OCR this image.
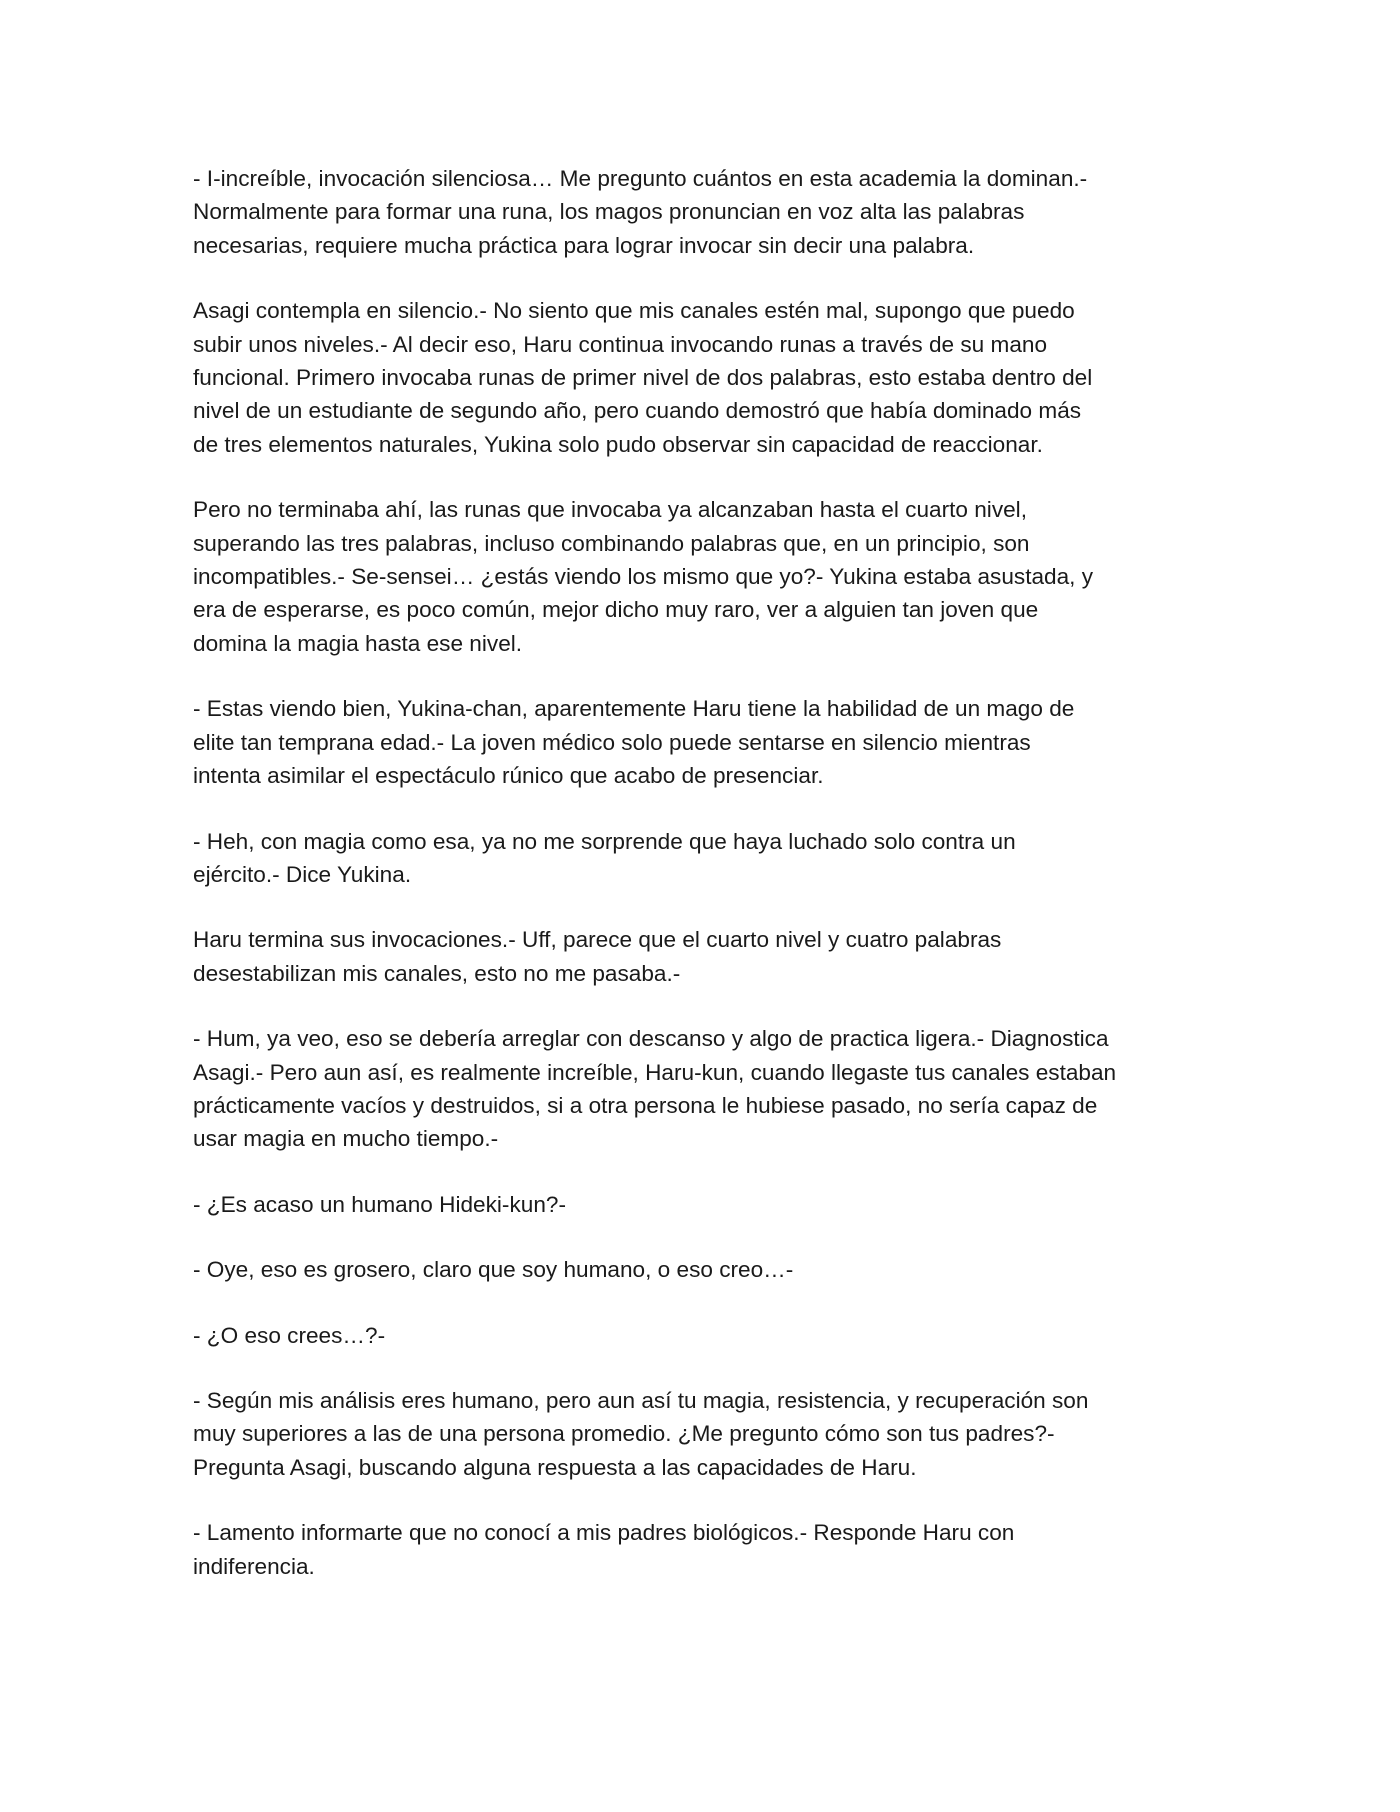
- I-increíble, invocación silenciosa… Me pregunto cuántos en esta academia la dominan.-
Normalmente para formar una runa, los magos pronuncian en voz alta las palabras
necesarias, requiere mucha práctica para lograr invocar sin decir una palabra.

Asagi contempla en silencio.- No siento que mis canales estén mal, supongo que puedo
subir unos niveles.- Al decir eso, Haru continua invocando runas a través de su mano
funcional. Primero invocaba runas de primer nivel de dos palabras, esto estaba dentro del
nivel de un estudiante de segundo año, pero cuando demostró que había dominado más
de tres elementos naturales, Yukina solo pudo observar sin capacidad de reaccionar.

Pero no terminaba ahí, las runas que invocaba ya alcanzaban hasta el cuarto nivel,
superando las tres palabras, incluso combinando palabras que, en un principio, son
incompatibles.- Se-sensei… ¿estás viendo los mismo que yo?- Yukina estaba asustada, y
era de esperarse, es poco común, mejor dicho muy raro, ver a alguien tan joven que
domina la magia hasta ese nivel.

- Estas viendo bien, Yukina-chan, aparentemente Haru tiene la habilidad de un mago de
elite tan temprana edad.- La joven médico solo puede sentarse en silencio mientras
intenta asimilar el espectáculo rúnico que acabo de presenciar.

- Heh, con magia como esa, ya no me sorprende que haya luchado solo contra un
ejército.- Dice Yukina.

Haru termina sus invocaciones.- Uff, parece que el cuarto nivel y cuatro palabras
desestabilizan mis canales, esto no me pasaba.-

- Hum, ya veo, eso se debería arreglar con descanso y algo de practica ligera.- Diagnostica
Asagi.- Pero aun así, es realmente increíble, Haru-kun, cuando llegaste tus canales estaban
prácticamente vacíos y destruidos, si a otra persona le hubiese pasado, no sería capaz de
usar magia en mucho tiempo.-

- ¿Es acaso un humano Hideki-kun?-

- Oye, eso es grosero, claro que soy humano, o eso creo…-

- ¿O eso crees…?-

- Según mis análisis eres humano, pero aun así tu magia, resistencia, y recuperación son
muy superiores a las de una persona promedio. ¿Me pregunto cómo son tus padres?-
Pregunta Asagi, buscando alguna respuesta a las capacidades de Haru.

- Lamento informarte que no conocí a mis padres biológicos.- Responde Haru con
indiferencia.
